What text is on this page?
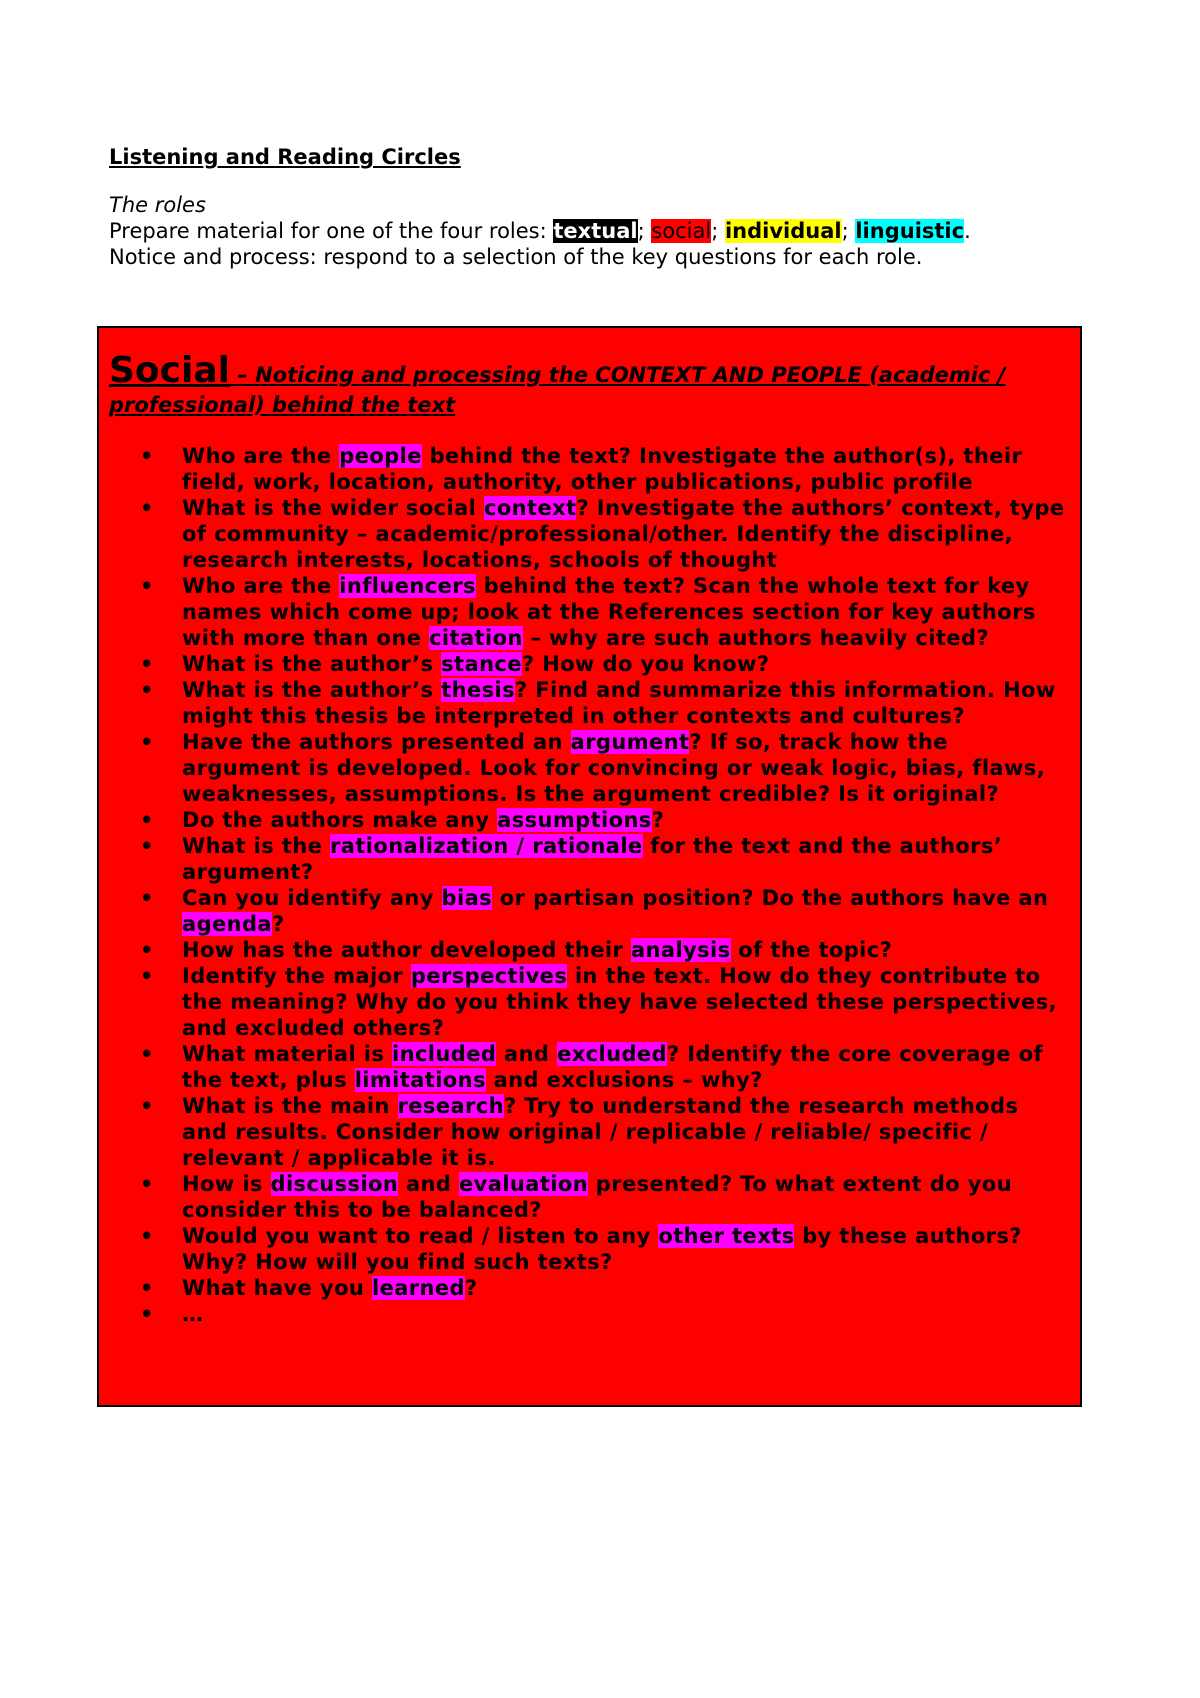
Listening and Reading Circles
The roles
Prepare material for one of the four roles: textual; social; individual; linguistic.
Notice and process: respond to a selection of the key questions for each role.
Social – Noticing and processing the CONTEXT AND PEOPLE (academic / professional) behind the text
• Who are the people behind the text? Investigate the author(s), their field, work, location, authority, other publications, public profile
• What is the wider social context? Investigate the authors’ context, type of community – academic/professional/other. Identify the discipline, research interests, locations, schools of thought
• Who are the influencers behind the text? Scan the whole text for key names which come up; look at the References section for key authors with more than one citation – why are such authors heavily cited?
• What is the author’s stance? How do you know?
• What is the author’s thesis? Find and summarize this information. How might this thesis be interpreted in other contexts and cultures?
• Have the authors presented an argument? If so, track how the argument is developed. Look for convincing or weak logic, bias, flaws, weaknesses, assumptions. Is the argument credible? Is it original?
• Do the authors make any assumptions?
• What is the rationalization / rationale for the text and the authors’ argument?
• Can you identify any bias or partisan position? Do the authors have an agenda?
• How has the author developed their analysis of the topic?
• Identify the major perspectives in the text. How do they contribute to the meaning? Why do you think they have selected these perspectives, and excluded others?
• What material is included and excluded? Identify the core coverage of the text, plus limitations and exclusions – why?
• What is the main research? Try to understand the research methods and results. Consider how original / replicable / reliable/ specific / relevant / applicable it is.
• How is discussion and evaluation presented? To what extent do you consider this to be balanced?
• Would you want to read / listen to any other texts by these authors? Why? How will you find such texts?
• What have you learned?
• …
